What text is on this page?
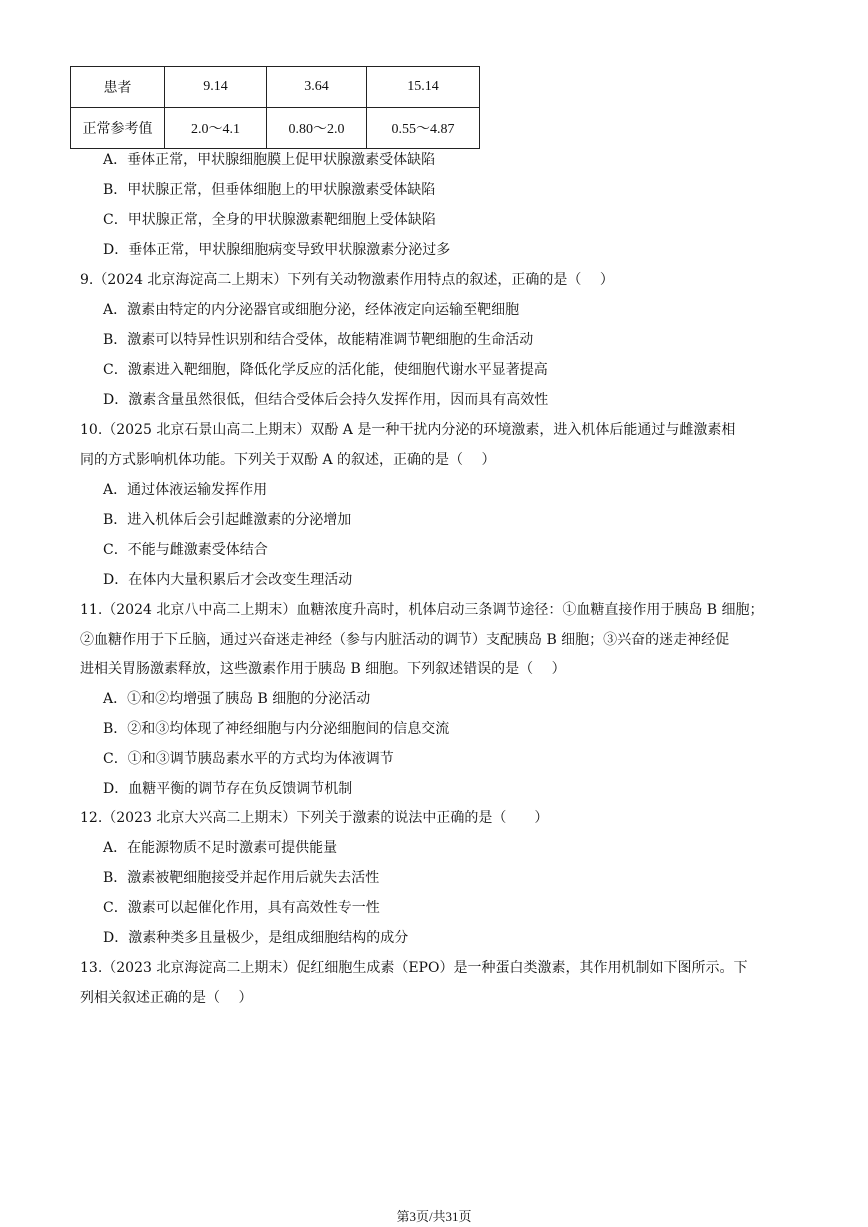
患者	9.14	3.64	15.14
正常参考值	2.0～4.1	0.80～2.0	0.55～4.87
A．垂体正常，甲状腺细胞膜上促甲状腺激素受体缺陷
B．甲状腺正常，但垂体细胞上的甲状腺激素受体缺陷
C．甲状腺正常，全身的甲状腺激素靶细胞上受体缺陷
D．垂体正常，甲状腺细胞病变导致甲状腺激素分泌过多
9.（2024 北京海淀高二上期末）下列有关动物激素作用特点的叙述，正确的是（　 ）
A．激素由特定的内分泌器官或细胞分泌，经体液定向运输至靶细胞
B．激素可以特异性识别和结合受体，故能精准调节靶细胞的生命活动
C．激素进入靶细胞，降低化学反应的活化能，使细胞代谢水平显著提高
D．激素含量虽然很低，但结合受体后会持久发挥作用，因而具有高效性
10.（2025 北京石景山高二上期末）双酚 A 是一种干扰内分泌的环境激素，进入机体后能通过与雌激素相
同的方式影响机体功能。下列关于双酚 A 的叙述，正确的是（　 ）
A．通过体液运输发挥作用
B．进入机体后会引起雌激素的分泌增加
C．不能与雌激素受体结合
D．在体内大量积累后才会改变生理活动
11.（2024 北京八中高二上期末）血糖浓度升高时，机体启动三条调节途径：①血糖直接作用于胰岛 B 细胞；
②血糖作用于下丘脑，通过兴奋迷走神经（参与内脏活动的调节）支配胰岛 B 细胞；③兴奋的迷走神经促
进相关胃肠激素释放，这些激素作用于胰岛 B 细胞。下列叙述错误的是（　 ）
A．①和②均增强了胰岛 B 细胞的分泌活动
B．②和③均体现了神经细胞与内分泌细胞间的信息交流
C．①和③调节胰岛素水平的方式均为体液调节
D．血糖平衡的调节存在负反馈调节机制
12.（2023 北京大兴高二上期末）下列关于激素的说法中正确的是（　　）
A．在能源物质不足时激素可提供能量
B．激素被靶细胞接受并起作用后就失去活性
C．激素可以起催化作用，具有高效性专一性
D．激素种类多且量极少，是组成细胞结构的成分
13.（2023 北京海淀高二上期末）促红细胞生成素（EPO）是一种蛋白类激素，其作用机制如下图所示。下
列相关叙述正确的是（　 ）
第3页/共31页
